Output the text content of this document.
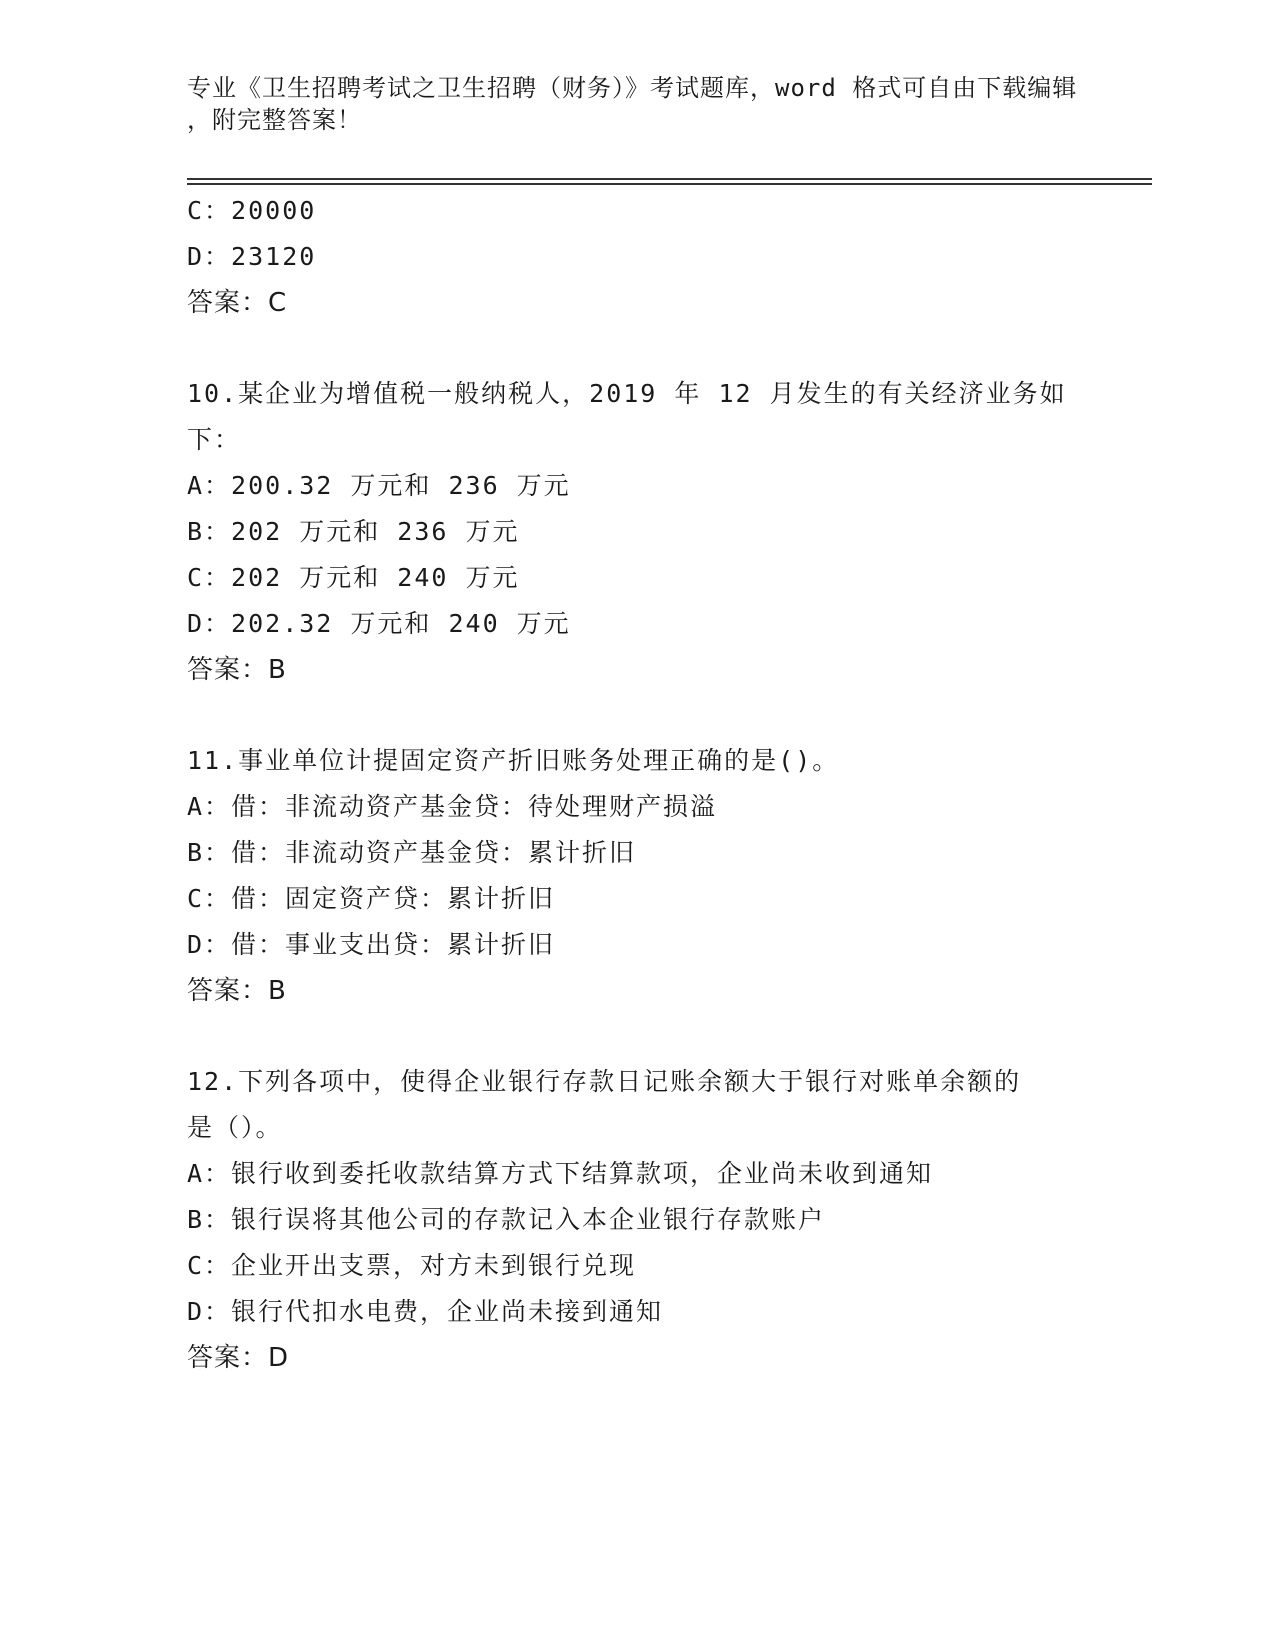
专业《卫生招聘考试之卫生招聘（财务）》考试题库，word 格式可自由下载编辑
，附完整答案！
C：20000
D：23120
答案：C
10.某企业为增值税一般纳税人，2019 年 12 月发生的有关经济业务如
下：
A：200.32 万元和 236 万元
B：202 万元和 236 万元
C：202 万元和 240 万元
D：202.32 万元和 240 万元
答案：B
11.事业单位计提固定资产折旧账务处理正确的是()。
A：借：非流动资产基金贷：待处理财产损溢
B：借：非流动资产基金贷：累计折旧
C：借：固定资产贷：累计折旧
D：借：事业支出贷：累计折旧
答案：B
12.下列各项中，使得企业银行存款日记账余额大于银行对账单余额的
是（）。
A：银行收到委托收款结算方式下结算款项，企业尚未收到通知
B：银行误将其他公司的存款记入本企业银行存款账户
C：企业开出支票，对方未到银行兑现
D：银行代扣水电费，企业尚未接到通知
答案：D
